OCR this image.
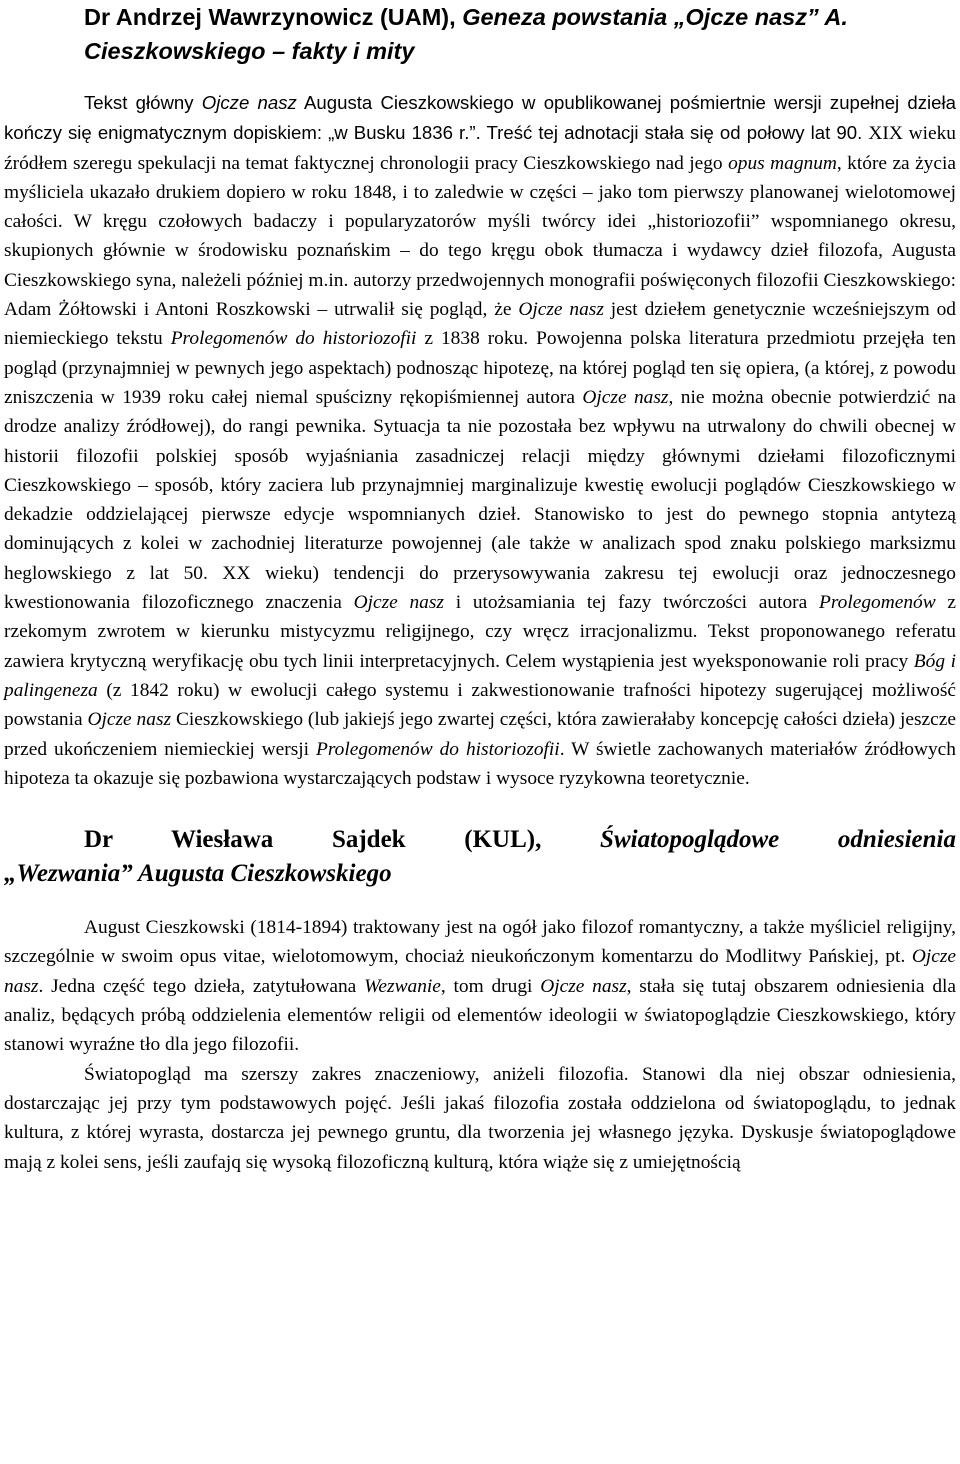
Dr Andrzej Wawrzynowicz (UAM), Geneza powstania „Ojcze nasz” A.
Cieszkowskiego – fakty i mity

Tekst główny Ojcze nasz Augusta Cieszkowskiego w opublikowanej pośmiertnie wersji zupełnej dzieła kończy się enigmatycznym dopiskiem: „w Busku 1836 r.”. Treść tej adnotacji stała się od połowy lat 90. XIX wieku źródłem szeregu spekulacji na temat faktycznej chronologii pracy Cieszkowskiego nad jego opus magnum, które za życia myśliciela ukazało drukiem dopiero w roku 1848, i to zaledwie w części – jako tom pierwszy planowanej wielotomowej całości. W kręgu czołowych badaczy i popularyzatorów myśli twórcy idei „historiozofii” wspomnianego okresu, skupionych głównie w środowisku poznańskim – do tego kręgu obok tłumacza i wydawcy dzieł filozofa, Augusta Cieszkowskiego syna, należeli później m.in. autorzy przedwojennych monografii poświęconych filozofii Cieszkowskiego: Adam Żółtowski i Antoni Roszkowski – utrwalił się pogląd, że Ojcze nasz jest dziełem genetycznie wcześniejszym od niemieckiego tekstu Prolegomenów do historiozofii z 1838 roku. Powojenna polska literatura przedmiotu przejęła ten pogląd (przynajmniej w pewnych jego aspektach) podnosząc hipotezę, na której pogląd ten się opiera, (a której, z powodu zniszczenia w 1939 roku całej niemal spuścizny rękopiśmiennej autora Ojcze nasz, nie można obecnie potwierdzić na drodze analizy źródłowej), do rangi pewnika. Sytuacja ta nie pozostała bez wpływu na utrwalony do chwili obecnej w historii filozofii polskiej sposób wyjaśniania zasadniczej relacji między głównymi dziełami filozoficznymi Cieszkowskiego – sposób, który zaciera lub przynajmniej marginalizuje kwestię ewolucji poglądów Cieszkowskiego w dekadzie oddzielającej pierwsze edycje wspomnianych dzieł. Stanowisko to jest do pewnego stopnia antytezą dominujących z kolei w zachodniej literaturze powojennej (ale także w analizach spod znaku polskiego marksizmu heglowskiego z lat 50. XX wieku) tendencji do przerysowywania zakresu tej ewolucji oraz jednoczesnego kwestionowania filozoficznego znaczenia Ojcze nasz i utożsamiania tej fazy twórczości autora Prolegomenów z rzekomym zwrotem w kierunku mistycyzmu religijnego, czy wręcz irracjonalizmu. Tekst proponowanego referatu zawiera krytyczną weryfikację obu tych linii interpretacyjnych. Celem wystąpienia jest wyeksponowanie roli pracy Bóg i palingeneza (z 1842 roku) w ewolucji całego systemu i zakwestionowanie trafności hipotezy sugerującej możliwość powstania Ojcze nasz Cieszkowskiego (lub jakiejś jego zwartej części, która zawierałaby koncepcję całości dzieła) jeszcze przed ukończeniem niemieckiej wersji Prolegomenów do historiozofii. W świetle zachowanych materiałów źródłowych hipoteza ta okazuje się pozbawiona wystarczających podstaw i wysoce ryzykowna teoretycznie.

Dr Wiesława Sajdek (KUL), Światopoglądowe odniesienia
„Wezwania” Augusta Cieszkowskiego

August Cieszkowski (1814-1894) traktowany jest na ogół jako filozof romantyczny, a także myśliciel religijny, szczególnie w swoim opus vitae, wielotomowym, chociaż nieukończonym komentarzu do Modlitwy Pańskiej, pt. Ojcze nasz. Jedna część tego dzieła, zatytułowana Wezwanie, tom drugi Ojcze nasz, stała się tutaj obszarem odniesienia dla analiz, będących próbą oddzielenia elementów religii od elementów ideologii w światopoglądzie Cieszkowskiego, który stanowi wyraźne tło dla jego filozofii.

Światopogląd ma szerszy zakres znaczeniowy, aniżeli filozofia. Stanowi dla niej obszar odniesienia, dostarczając jej przy tym podstawowych pojęć. Jeśli jakaś filozofia została oddzielona od światopoglądu, to jednak kultura, z której wyrasta, dostarcza jej pewnego gruntu, dla tworzenia jej własnego języka. Dyskusje światopoglądowe mają z kolei sens, jeśli zaufajq się wysoką filozoficzną kulturą, która wiąże się z umiejętnością
